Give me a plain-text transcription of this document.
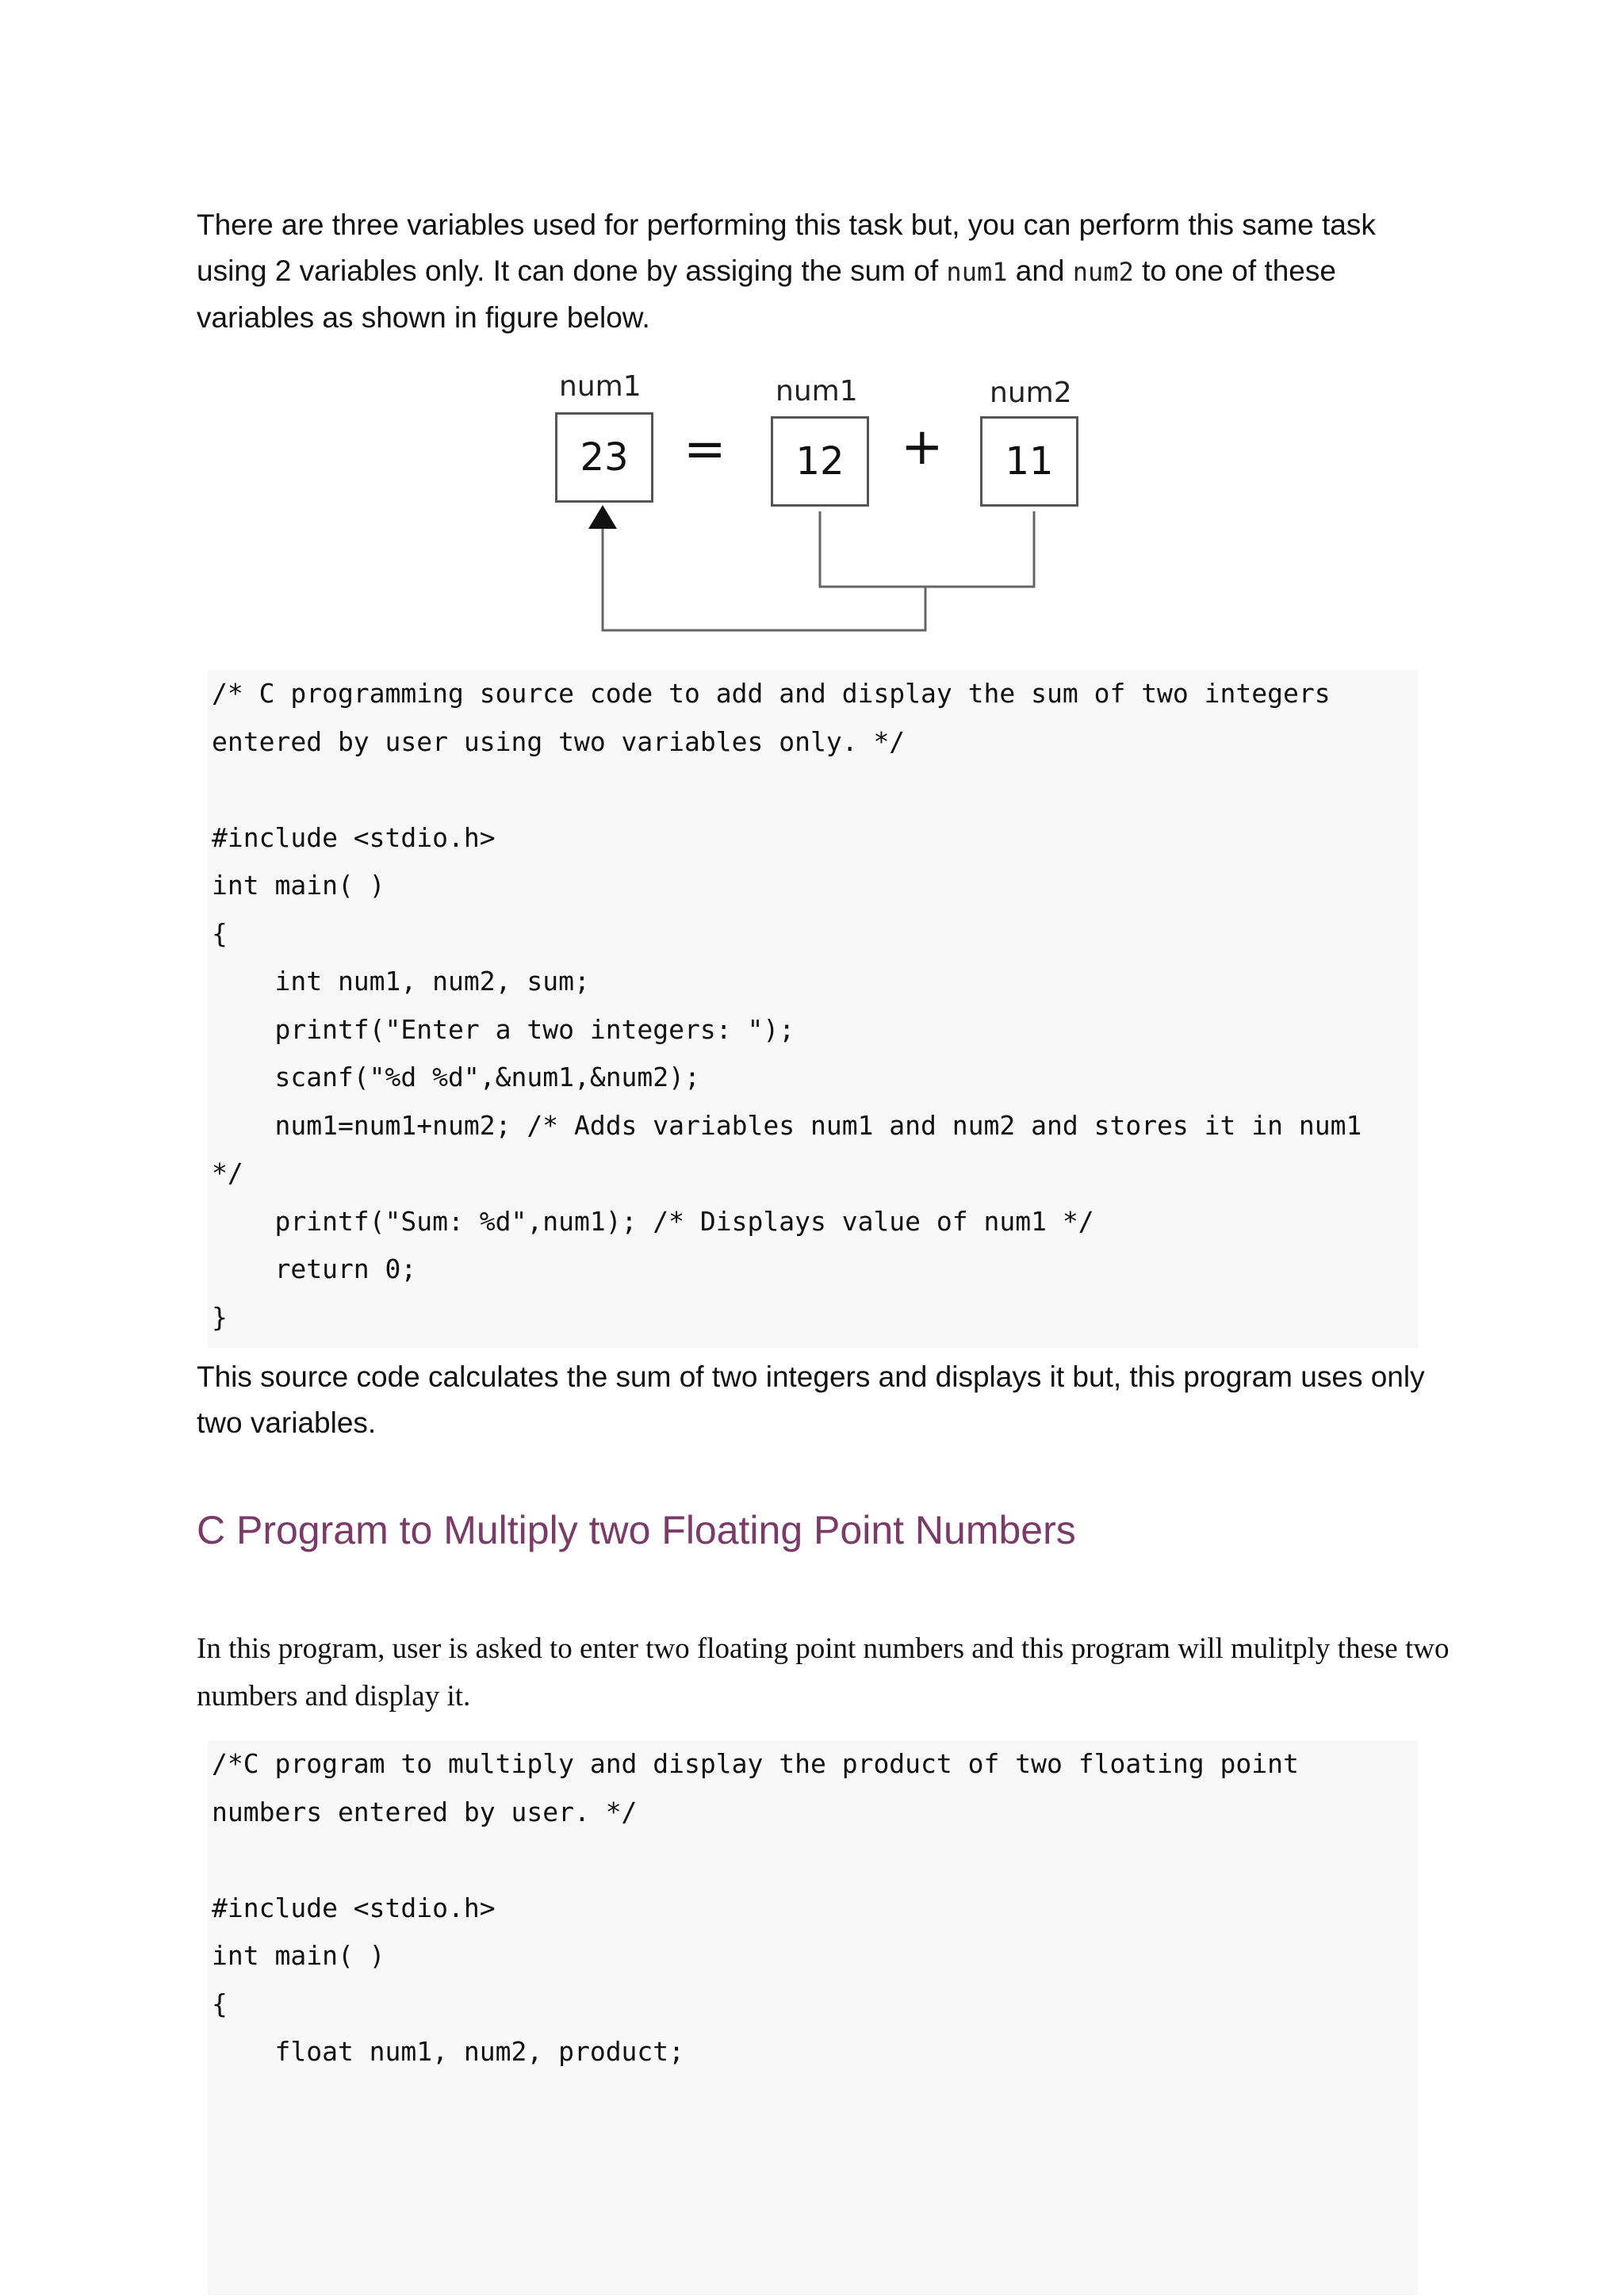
There are three variables used for performing this task but, you can perform this same task using 2 variables only. It can done by assiging the sum of num1 and num2 to one of these variables as shown in figure below.

num1
23	=
num1
12	+
num2
11
/* C programming source code to add and display the sum of two integers
entered by user using two variables only. */

#include <stdio.h>
int main( )
{
int num1, num2, sum;
printf("Enter a two integers: ");
scanf("%d %d",&num1,&num2);
num1=num1+num2; /* Adds variables num1 and num2 and stores it in num1
*/
printf("Sum: %d",num1); /* Displays value of num1 */
return 0;
}

This source code calculates the sum of two integers and displays it but, this program uses only two variables.

C Program to Multiply two Floating Point Numbers

In this program, user is asked to enter two floating point numbers and this program will mulitply these two numbers and display it.

/*C program to multiply and display the product of two floating point
numbers entered by user. */

#include <stdio.h>
int main( )
{
float num1, num2, product;
